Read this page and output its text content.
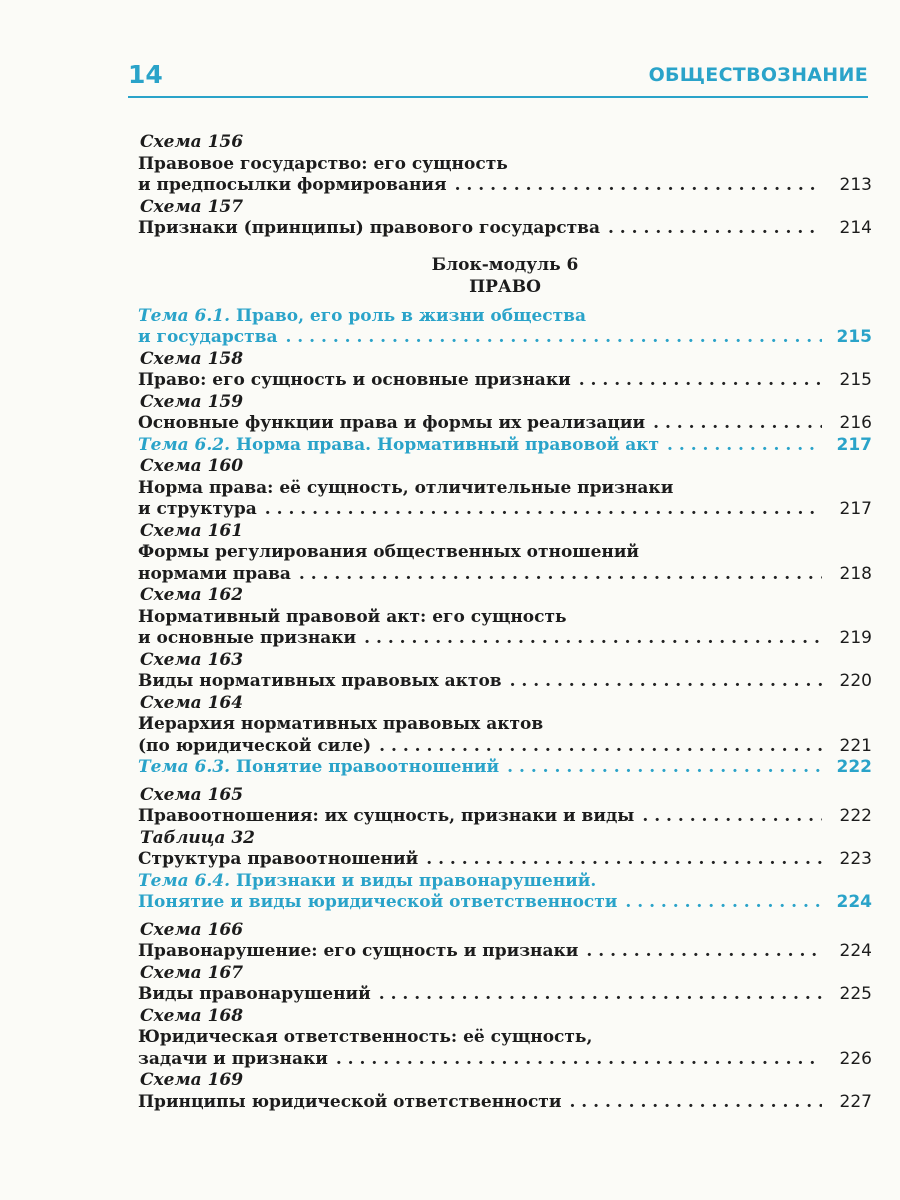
14	ОБЩЕСТВОЗНАНИЕ
Схема 156
Правовое государство: его сущность
и предпосылки формирования . . .	213
Схема 157
Признаки (принципы) правового государства . . .	214
Блок-модуль 6
ПРАВО
Тема 6.1. Право, его роль в жизни общества
и государства . . .	215
Схема 158
Право: его сущность и основные признаки . . .	215
Схема 159
Основные функции права и формы их реализации . . .	216
Тема 6.2. Норма права. Нормативный правовой акт . . .	217
Схема 160
Норма права: её сущность, отличительные признаки
и структура . . .	217
Схема 161
Формы регулирования общественных отношений
нормами права . . .	218
Схема 162
Нормативный правовой акт: его сущность
и основные признаки . . .	219
Схема 163
Виды нормативных правовых актов . . .	220
Схема 164
Иерархия нормативных правовых актов
(по юридической силе) . . .	221
Тема 6.3. Понятие правоотношений . . .	222
Схема 165
Правоотношения: их сущность, признаки и виды . . .	222
Таблица 32
Структура правоотношений . . .	223
Тема 6.4. Признаки и виды правонарушений.
Понятие и виды юридической ответственности . . .	224
Схема 166
Правонарушение: его сущность и признаки . . .	224
Схема 167
Виды правонарушений . . .	225
Схема 168
Юридическая ответственность: её сущность,
задачи и признаки . . .	226
Схема 169
Принципы юридической ответственности . . .	227
